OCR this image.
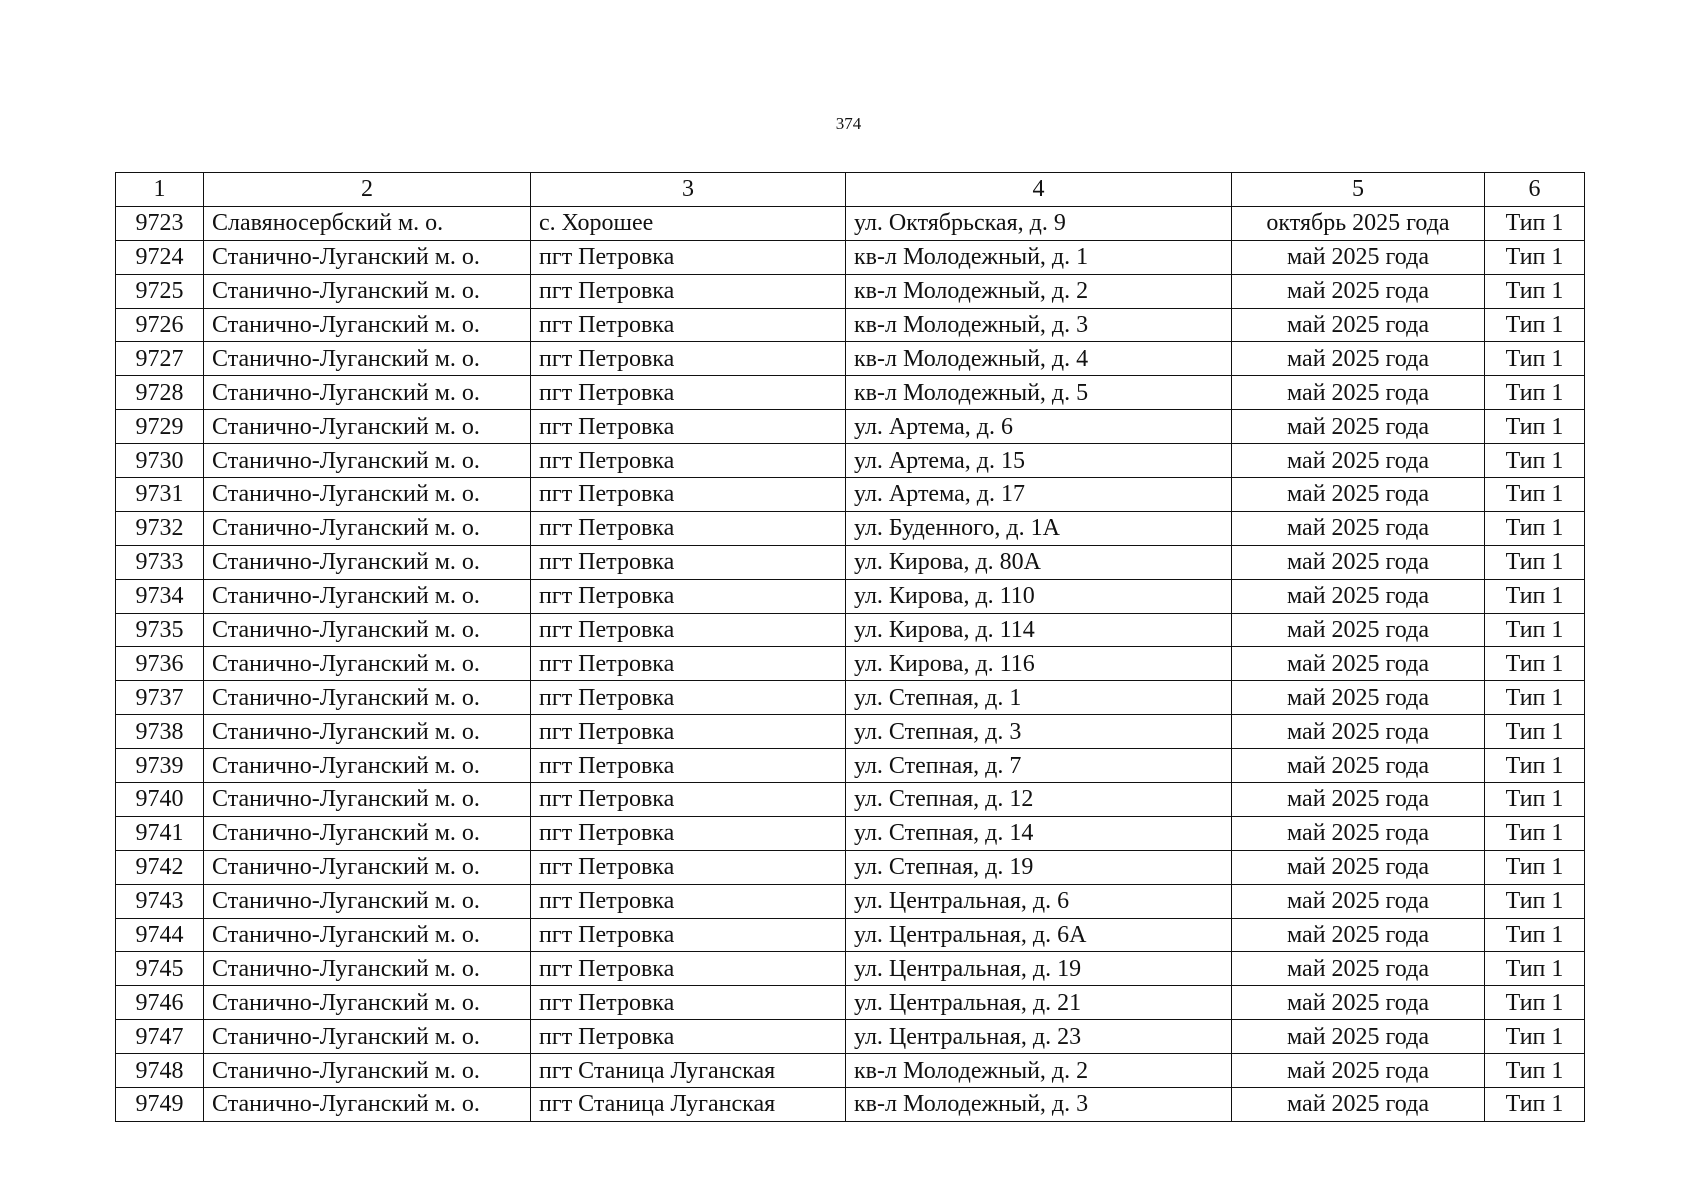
374
1	2	3	4	5	6
9723	Славяносербский м. о.	с. Хорошее	ул. Октябрьская, д. 9	октябрь 2025 года	Тип 1
9724	Станично-Луганский м. о.	пгт Петровка	кв-л Молодежный, д. 1	май 2025 года	Тип 1
9725	Станично-Луганский м. о.	пгт Петровка	кв-л Молодежный, д. 2	май 2025 года	Тип 1
9726	Станично-Луганский м. о.	пгт Петровка	кв-л Молодежный, д. 3	май 2025 года	Тип 1
9727	Станично-Луганский м. о.	пгт Петровка	кв-л Молодежный, д. 4	май 2025 года	Тип 1
9728	Станично-Луганский м. о.	пгт Петровка	кв-л Молодежный, д. 5	май 2025 года	Тип 1
9729	Станично-Луганский м. о.	пгт Петровка	ул. Артема, д. 6	май 2025 года	Тип 1
9730	Станично-Луганский м. о.	пгт Петровка	ул. Артема, д. 15	май 2025 года	Тип 1
9731	Станично-Луганский м. о.	пгт Петровка	ул. Артема, д. 17	май 2025 года	Тип 1
9732	Станично-Луганский м. о.	пгт Петровка	ул. Буденного, д. 1А	май 2025 года	Тип 1
9733	Станично-Луганский м. о.	пгт Петровка	ул. Кирова, д. 80А	май 2025 года	Тип 1
9734	Станично-Луганский м. о.	пгт Петровка	ул. Кирова, д. 110	май 2025 года	Тип 1
9735	Станично-Луганский м. о.	пгт Петровка	ул. Кирова, д. 114	май 2025 года	Тип 1
9736	Станично-Луганский м. о.	пгт Петровка	ул. Кирова, д. 116	май 2025 года	Тип 1
9737	Станично-Луганский м. о.	пгт Петровка	ул. Степная, д. 1	май 2025 года	Тип 1
9738	Станично-Луганский м. о.	пгт Петровка	ул. Степная, д. 3	май 2025 года	Тип 1
9739	Станично-Луганский м. о.	пгт Петровка	ул. Степная, д. 7	май 2025 года	Тип 1
9740	Станично-Луганский м. о.	пгт Петровка	ул. Степная, д. 12	май 2025 года	Тип 1
9741	Станично-Луганский м. о.	пгт Петровка	ул. Степная, д. 14	май 2025 года	Тип 1
9742	Станично-Луганский м. о.	пгт Петровка	ул. Степная, д. 19	май 2025 года	Тип 1
9743	Станично-Луганский м. о.	пгт Петровка	ул. Центральная, д. 6	май 2025 года	Тип 1
9744	Станично-Луганский м. о.	пгт Петровка	ул. Центральная, д. 6А	май 2025 года	Тип 1
9745	Станично-Луганский м. о.	пгт Петровка	ул. Центральная, д. 19	май 2025 года	Тип 1
9746	Станично-Луганский м. о.	пгт Петровка	ул. Центральная, д. 21	май 2025 года	Тип 1
9747	Станично-Луганский м. о.	пгт Петровка	ул. Центральная, д. 23	май 2025 года	Тип 1
9748	Станично-Луганский м. о.	пгт Станица Луганская	кв-л Молодежный, д. 2	май 2025 года	Тип 1
9749	Станично-Луганский м. о.	пгт Станица Луганская	кв-л Молодежный, д. 3	май 2025 года	Тип 1
